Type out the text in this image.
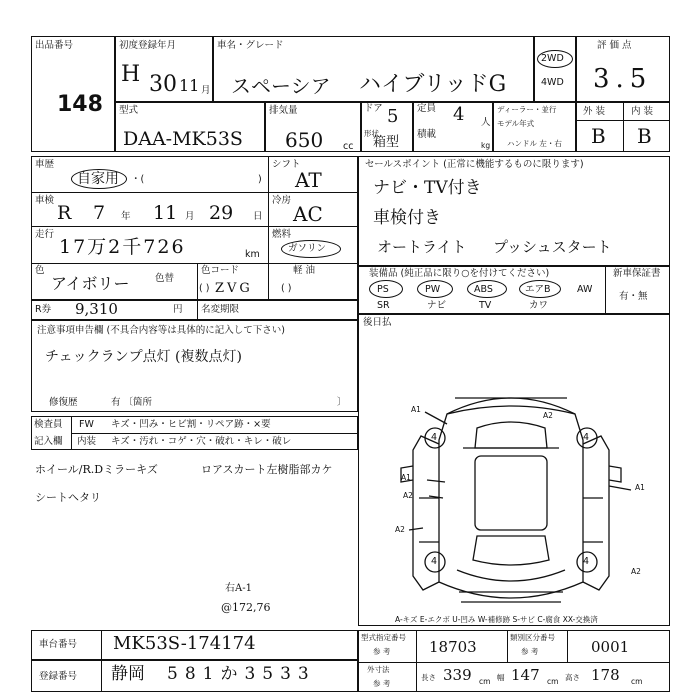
出品番号
148
初度登録年月
H 30 11 月
車名・グレード
スペーシア ハイブリッドG
2WD
4WD
評 価 点
3.5
型式
DAA-MK53S
排気量
650 cc
ドア 5
形状
箱型
定員 4 人
積載
kg
ディーラー・並行
モデル年式
ハンドル 左・右
外 装	内 装
B B
車歴
自家用 ・(	)
シフト
AT
車検
R 7 年 11 月 29 日
冷房
AC
走行
17万2千726	km
燃料
ガソリン
軽 油
( )
色
アイボリー	色替
色コード
ZVG
( )
R券 9,310	円 名変期限
注意事項申告欄 (不具合内容等は具体的に記入して下さい)
チェックランプ点灯 (複数点灯)
修復歴	有 〔箇所	〕
セールスポイント (正常に機能するものに限ります)
ナビ・TV付き
車検付き
オートライト プッシュスタート
装備品 (純正品に限り○を付けてください)	新車保証書
有・無
PS	PW	ABS	エアB	AW
SR	ナビ	TV	カワ
後日払
検査員
記入欄
FW キズ・凹み・ヒビ割・リペア跡・×要
内装 キズ・汚れ・コゲ・穴・破れ・キレ・破レ
ホイール/R.Dミラーキズ
シートヘタリ
ロアスカート左樹脂部カケ
右A-1
@172,76
A1
A2
A1
A2
A2
A1
A2
4	4
4	4
A-キズ E-エクボ U-凹み W-補修跡 S-サビ C-腐食 XX-交換済
車台番号 MK53S-174174
登録番号 静岡 581か3533
型式指定番号
参 考	18703
類別区分番号
参 考	0001
外寸法
参 考
長さ 339 cm 幅 147 cm 高さ 178 cm
